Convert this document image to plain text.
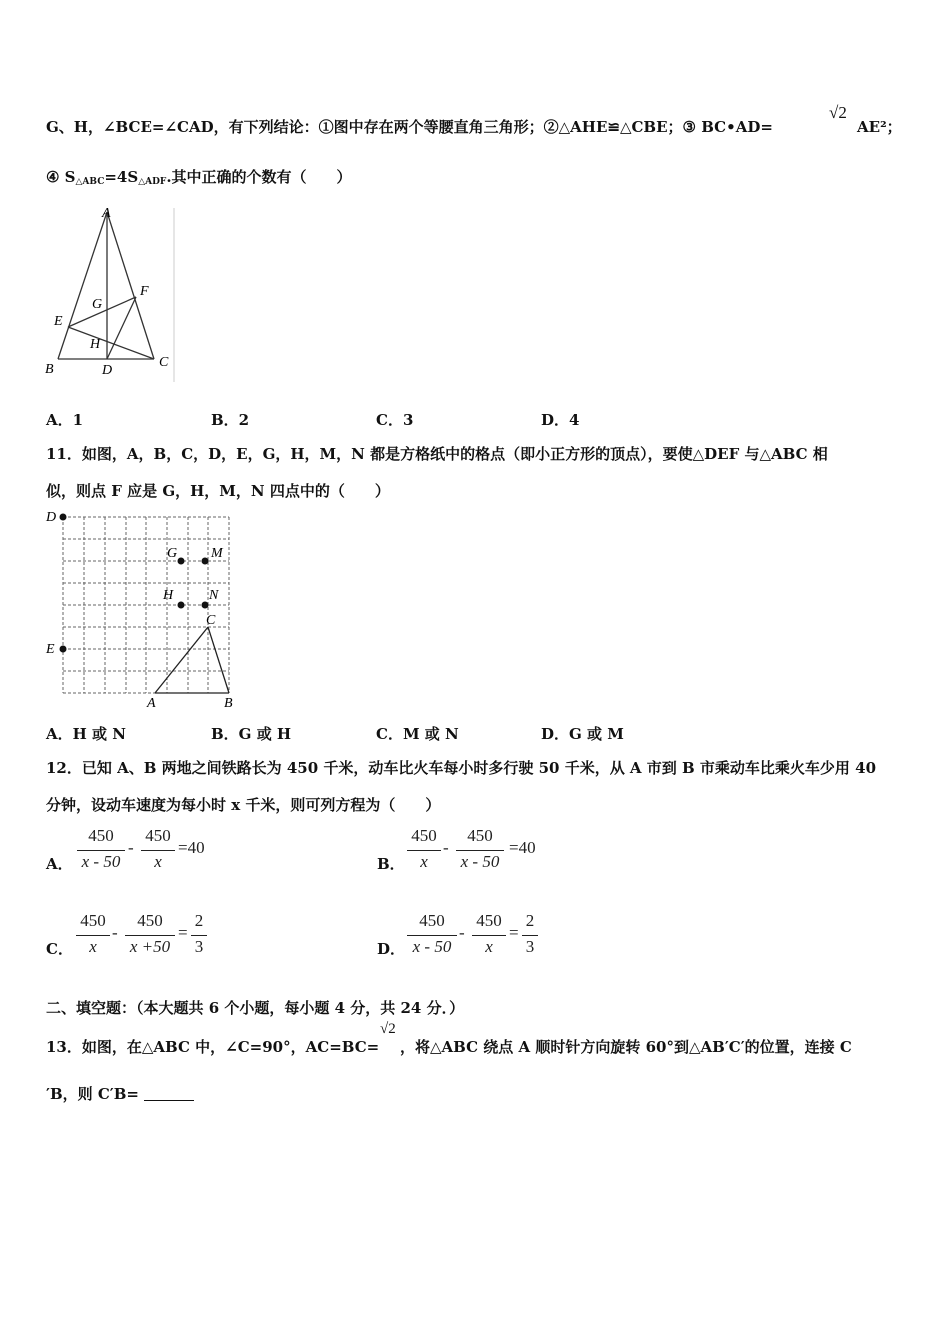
G、H，∠BCE=∠CAD，有下列结论：①图中存在两个等腰直角三角形；②△AHE≌△CBE；③ BC•AD=
√2
AE²；
④ $S_{\triangle ABC}=4S_{\triangle ADF}$.其中正确的个数有（　　）
A
B	C
D
E
F
G
H
A．1	B．2	C．3	D．4
11．如图，A，B，C，D，E，G，H，M，N 都是方格纸中的格点（即小正方形的顶点），要使△DEF 与△ABC 相
似，则点 F 应是 G，H，M，N 四点中的（　　）
D
E
G M
H	N
C
A	B
A．H 或 N	B．G 或 H	C．M 或 N	D．G 或 M
12．已知 A、B 两地之间铁路长为 450 千米，动车比火车每小时多行驶 50 千米，从 A 市到 B 市乘动车比乘火车少用 40
分钟，设动车速度为每小时 x 千米，则可列方程为（　　）
A．
450
x - 50
-
450
x
=40
B．
450
x
-
450
x - 50
=40
C．
450
x
-
450
x +50
=
2
3	D．
450
x - 50
-
450
x
=
2
3
二、填空题：（本大题共 6 个小题，每小题 4 分，共 24 分．）
13．如图，在△ABC 中，∠C=90°，AC=BC=
√2
，将△ABC 绕点 A 顺时针方向旋转 60°到△AB′C′的位置，连接 C
′B，则 C′B=
